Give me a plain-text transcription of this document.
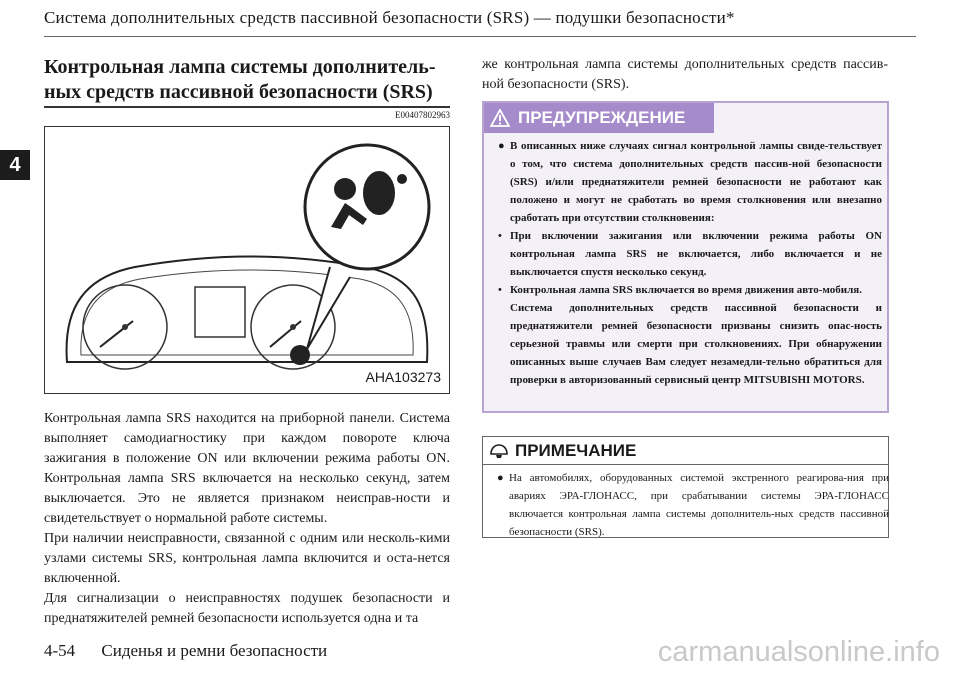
Система дополнительных средств пассивной безопасности (SRS) — подушки безопасности*
4
Контрольная лампа системы дополнитель-
ных средств пассивной безопасности (SRS)
E00407802963
AHA103273

Контрольная лампа SRS находится на приборной панели. Система выполняет самодиагностику при каждом повороте ключа зажигания в положение ON или включении режима работы ON. Контрольная лампа SRS включается на несколько секунд, затем выключается. Это не является признаком неисправ-ности и свидетельствует о нормальной работе системы.

При наличии неисправности, связанной с одним или несколь-кими узлами системы SRS, контрольная лампа включится и оста-нется включенной.

Для сигнализации о неисправностях подушек безопасности и преднатяжителей ремней безопасности используется одна и та

же контрольная лампа системы дополнительных средств пассив-ной безопасности (SRS).
ПРЕДУПРЕЖДЕНИЕ

● В описанных ниже случаях сигнал контрольной лампы свиде-тельствует о том, что система дополнительных средств пассив-ной безопасности (SRS) и/или преднатяжители ремней безопасности не работают как положено и могут не сработать во время столкновения или внезапно сработать при отсутствии столкновения:

• При включении зажигания или включении режима работы ON контрольная лампа SRS не включается, либо включается и не выключается спустя несколько секунд.

• Контрольная лампа SRS включается во время движения авто-мобиля.

Система дополнительных средств пассивной безопасности и преднатяжители ремней безопасности призваны снизить опас-ность серьезной травмы или смерти при столкновениях. При обнаружении описанных выше случаев Вам следует незамедли-тельно обратиться для проверки в авторизованный сервисный центр MITSUBISHI MOTORS.

ПРИМЕЧАНИЕ
● На автомобилях, оборудованных системой экстренного реагирова-ния при авариях ЭРА-ГЛОНАСС, при срабатывании системы ЭРА-ГЛОНАСС включается контрольная лампа системы дополнитель-ных средств пассивной безопасности (SRS).
4-54 Сиденья и ремни безопасности	carmanualsonline.info
